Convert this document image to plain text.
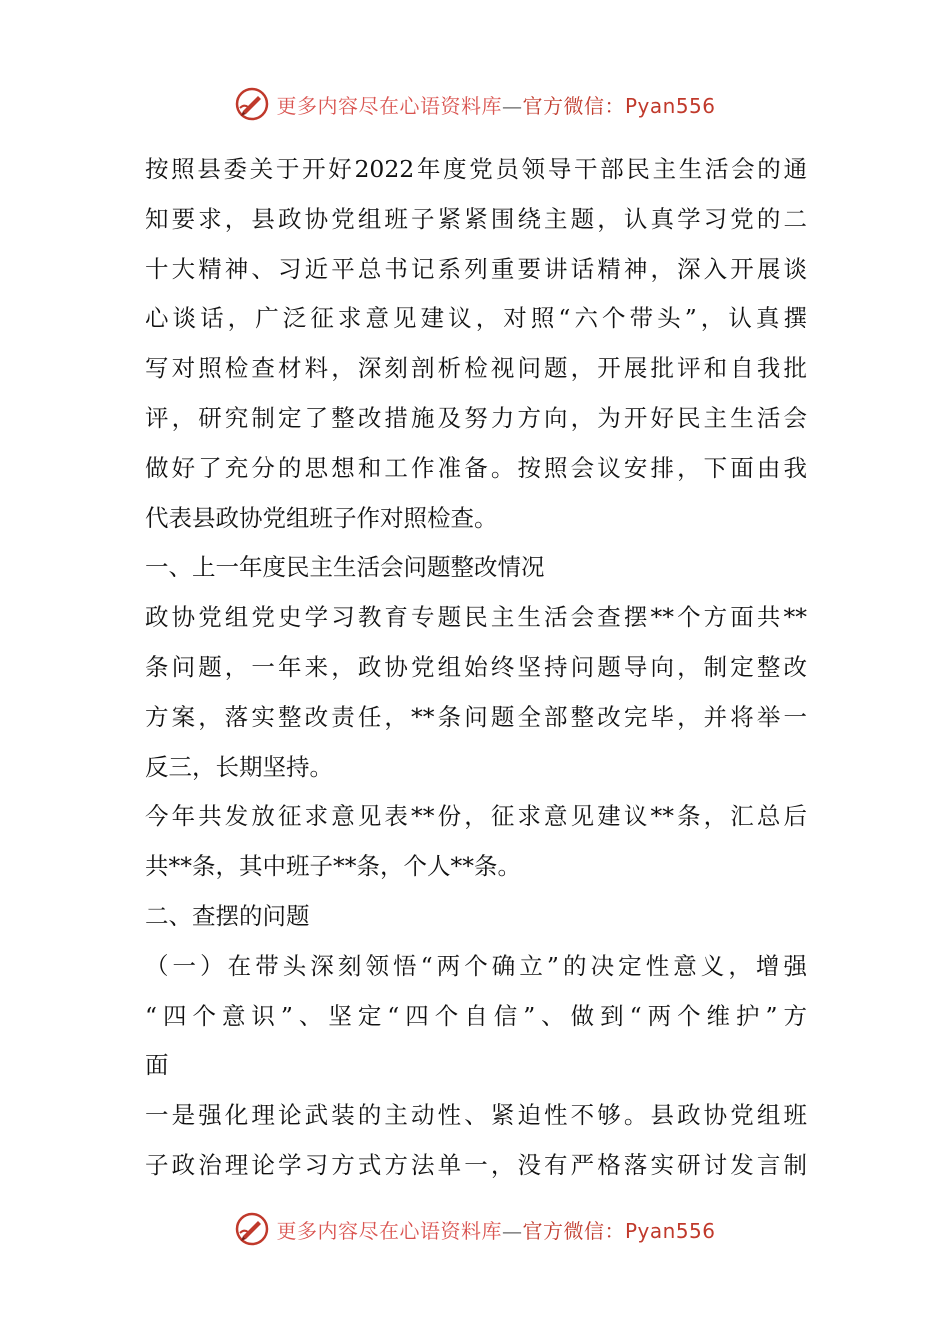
更多内容尽在心语资料库—官方微信：Pyan556
按照县委关于开好2022年度党员领导干部民主生活会的通
知要求，县政协党组班子紧紧围绕主题，认真学习党的二
十大精神、习近平总书记系列重要讲话精神，深入开展谈
心谈话，广泛征求意见建议，对照“六个带头”，认真撰
写对照检查材料，深刻剖析检视问题，开展批评和自我批
评，研究制定了整改措施及努力方向，为开好民主生活会
做好了充分的思想和工作准备。按照会议安排，下面由我
代表县政协党组班子作对照检查。
一、上一年度民主生活会问题整改情况
政协党组党史学习教育专题民主生活会查摆**个方面共**
条问题，一年来，政协党组始终坚持问题导向，制定整改
方案，落实整改责任，**条问题全部整改完毕，并将举一
反三，长期坚持。
今年共发放征求意见表**份，征求意见建议**条，汇总后
共**条，其中班子**条，个人**条。
二、查摆的问题
（一）在带头深刻领悟“两个确立”的决定性意义，增强
“四个意识”、坚定“四个自信”、做到“两个维护”方
面
一是强化理论武装的主动性、紧迫性不够。县政协党组班
子政治理论学习方式方法单一，没有严格落实研讨发言制
更多内容尽在心语资料库—官方微信：Pyan556
